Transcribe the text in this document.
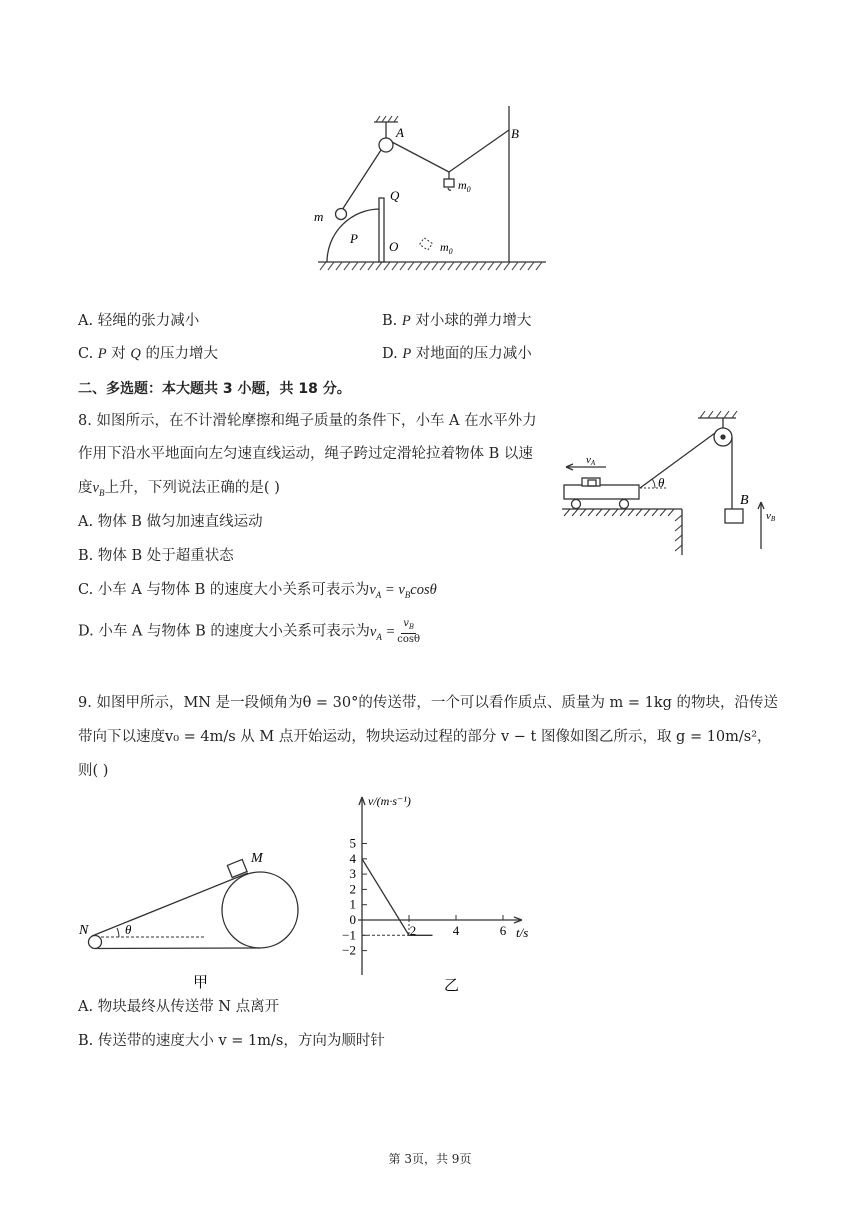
A	B
Q
m
P
O
$m_0$
$m_0$
A. 轻绳的张力减小	B. P 对小球的弹力增大
C. P 对 Q 的压力增大	D. P 对地面的压力减小
二、多选题：本大题共 3 小题，共 18 分。
8. 如图所示，在不计滑轮摩擦和绳子质量的条件下，小车 A 在水平外力
作用下沿水平地面向左匀速直线运动，绳子跨过定滑轮拉着物体 B 以速
度$v_B$上升，下列说法正确的是( )
A. 物体 B 做匀加速直线运动
B. 物体 B 处于超重状态
C. 小车 A 与物体 B 的速度大小关系可表示为$v_A = v_B\cos\theta$
D. 小车 A 与物体 B 的速度大小关系可表示为$v_A = \frac{v_B}{\cos\theta}$
vA
θ
B
vB
9. 如图甲所示，MN 是一段倾角为θ = 30°的传送带，一个可以看作质点、质量为 m = 1kg 的物块，沿传送
带向下以速度v₀ = 4m/s 从 M 点开始运动，物块运动过程的部分 v − t 图像如图乙所示，取 g = 10m/s²，
则( )
N
M
θ
甲
5
4
3
2
1
0
−1
−2
2	4	6
v/(m·s⁻¹)
t/s
乙
A. 物块最终从传送带 N 点离开
B. 传送带的速度大小 v = 1m/s，方向为顺时针
第 3页，共 9页
